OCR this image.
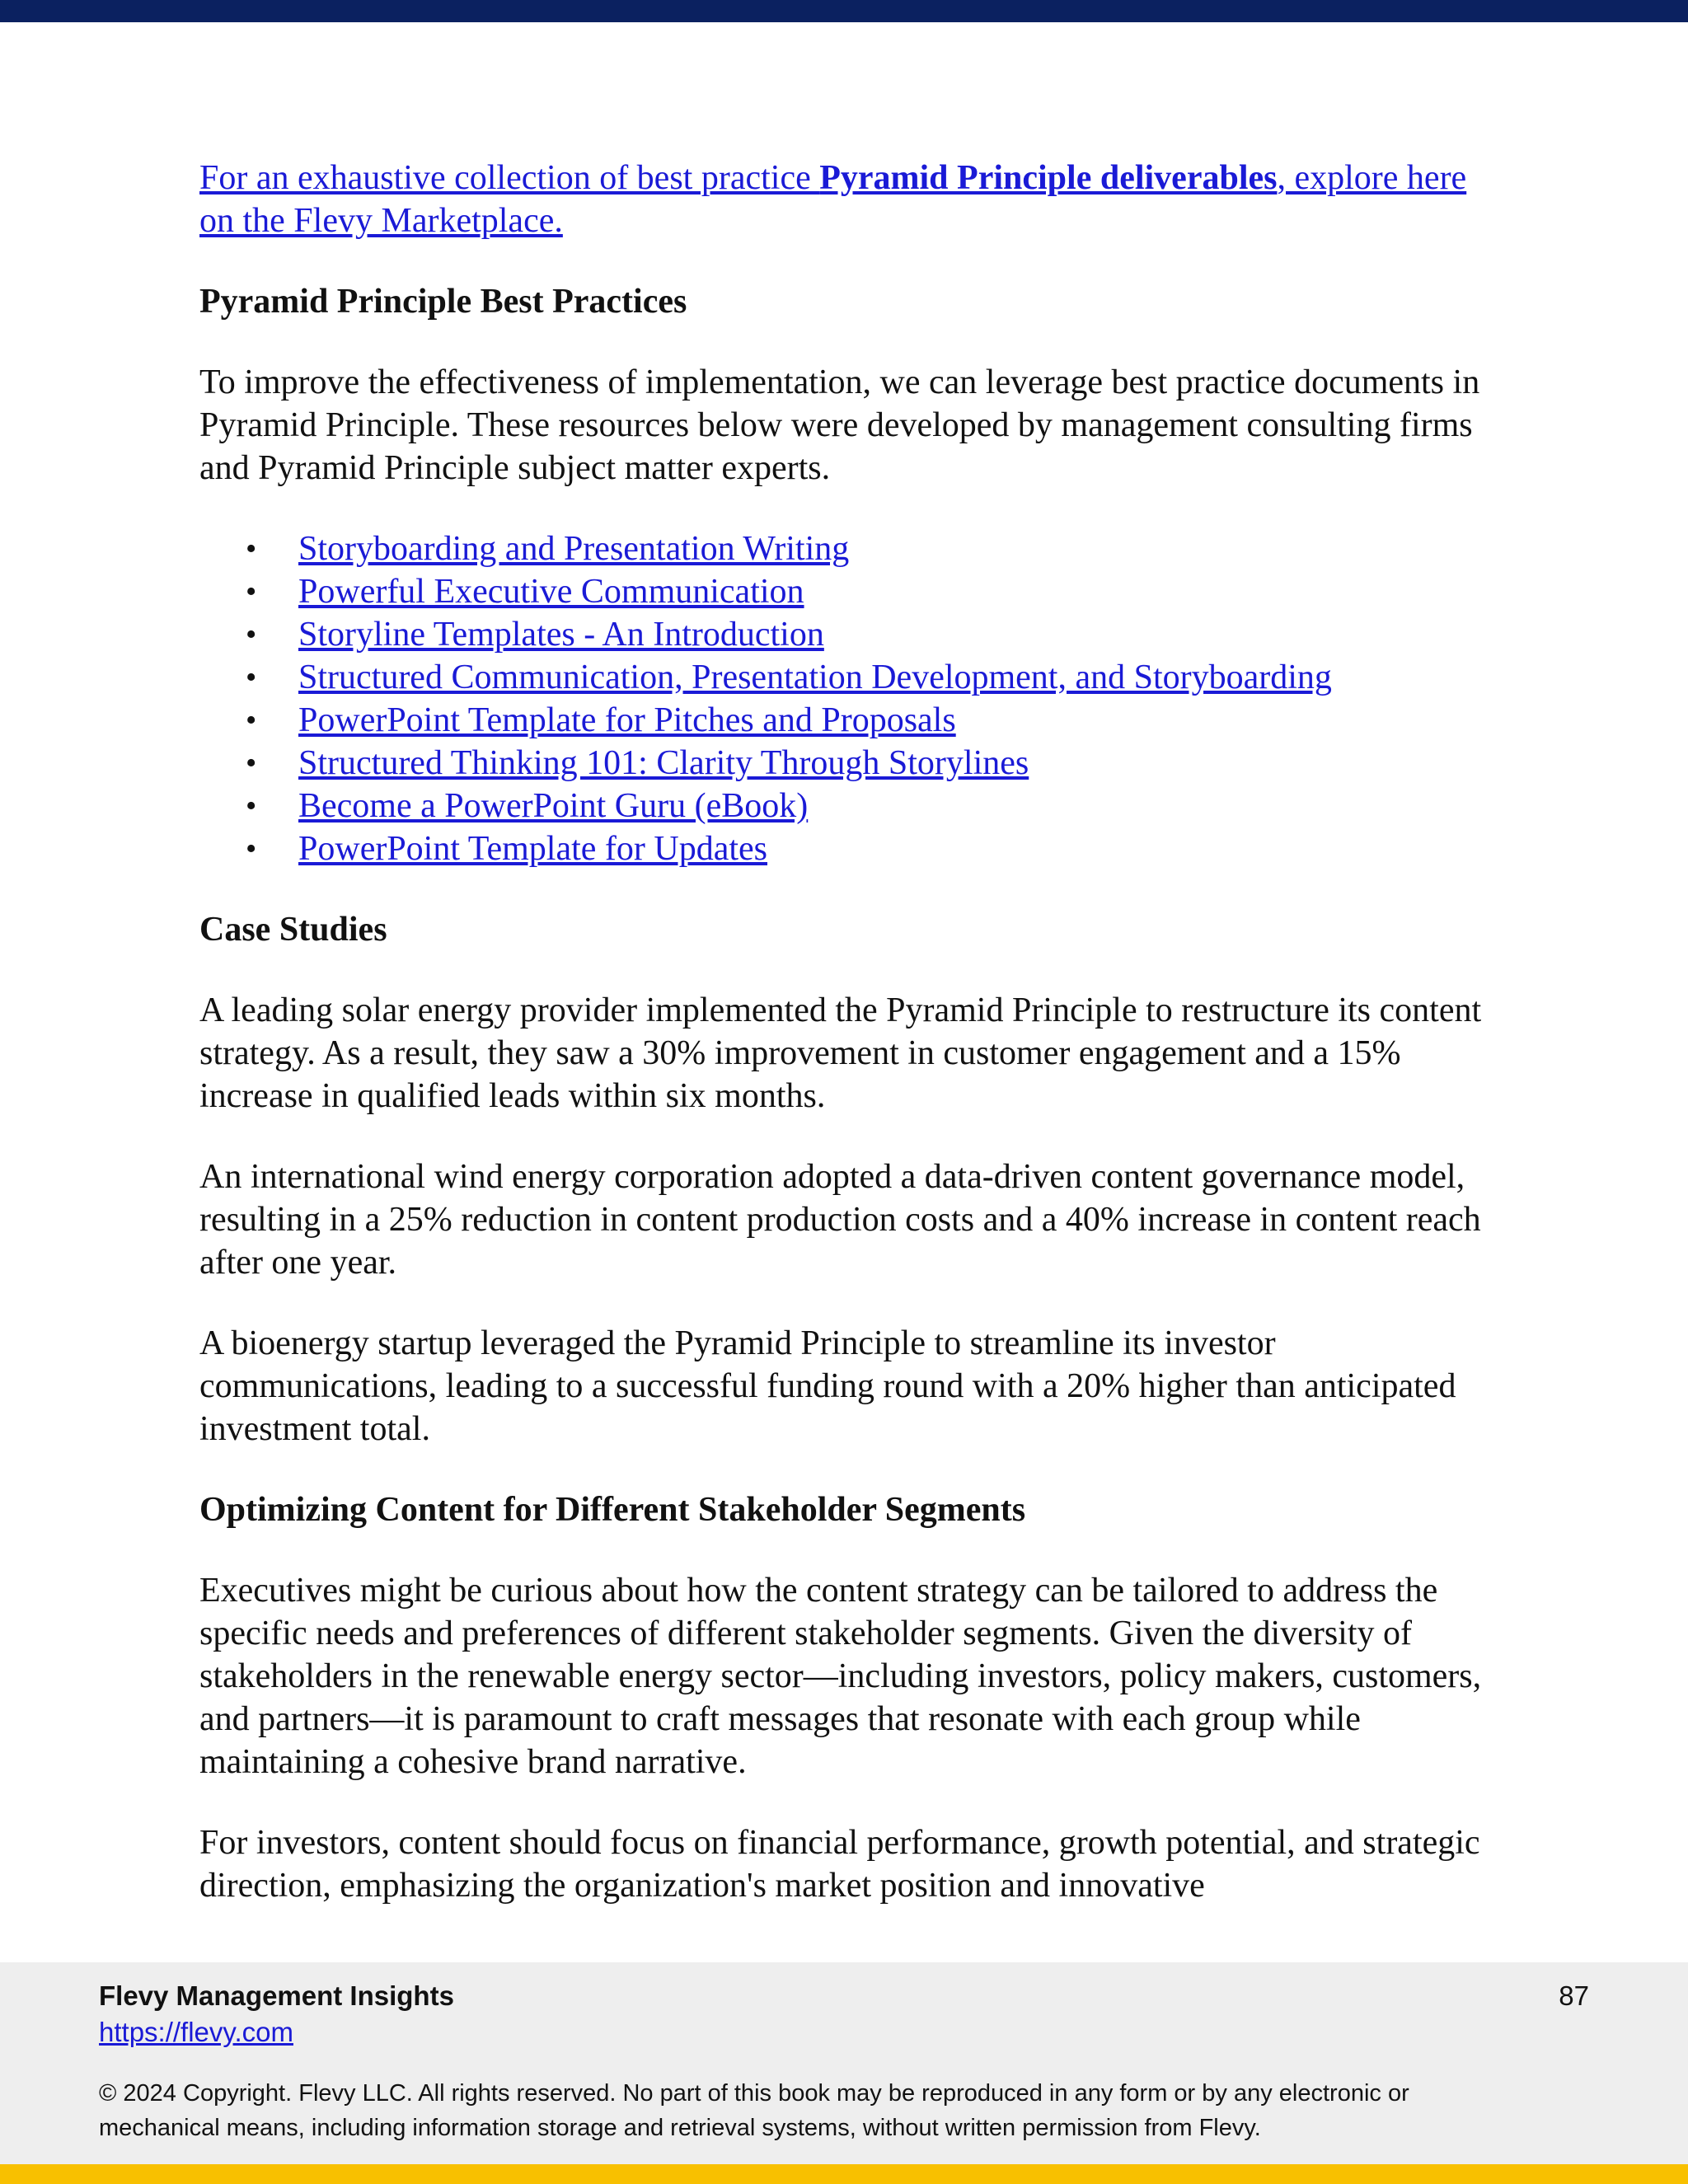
For an exhaustive collection of best practice Pyramid Principle deliverables, explore here on the Flevy Marketplace.

Pyramid Principle Best Practices

To improve the effectiveness of implementation, we can leverage best practice documents in Pyramid Principle. These resources below were developed by management consulting firms and Pyramid Principle subject matter experts.

• Storyboarding and Presentation Writing
• Powerful Executive Communication
• Storyline Templates - An Introduction
• Structured Communication, Presentation Development, and Storyboarding
• PowerPoint Template for Pitches and Proposals
• Structured Thinking 101: Clarity Through Storylines
• Become a PowerPoint Guru (eBook)
• PowerPoint Template for Updates
Case Studies

A leading solar energy provider implemented the Pyramid Principle to restructure its content strategy. As a result, they saw a 30% improvement in customer engagement and a 15% increase in qualified leads within six months.

An international wind energy corporation adopted a data-driven content governance model, resulting in a 25% reduction in content production costs and a 40% increase in content reach after one year.

A bioenergy startup leveraged the Pyramid Principle to streamline its investor communications, leading to a successful funding round with a 20% higher than anticipated investment total.

Optimizing Content for Different Stakeholder Segments

Executives might be curious about how the content strategy can be tailored to address the specific needs and preferences of different stakeholder segments. Given the diversity of stakeholders in the renewable energy sector—including investors, policy makers, customers, and partners—it is paramount to craft messages that resonate with each group while maintaining a cohesive brand narrative.

For investors, content should focus on financial performance, growth potential, and strategic direction, emphasizing the organization's market position and innovative

Flevy Management Insights
https://flevy.com
87
© 2024 Copyright. Flevy LLC. All rights reserved. No part of this book may be reproduced in any form or by any electronic or mechanical means, including information storage and retrieval systems, without written permission from Flevy.
